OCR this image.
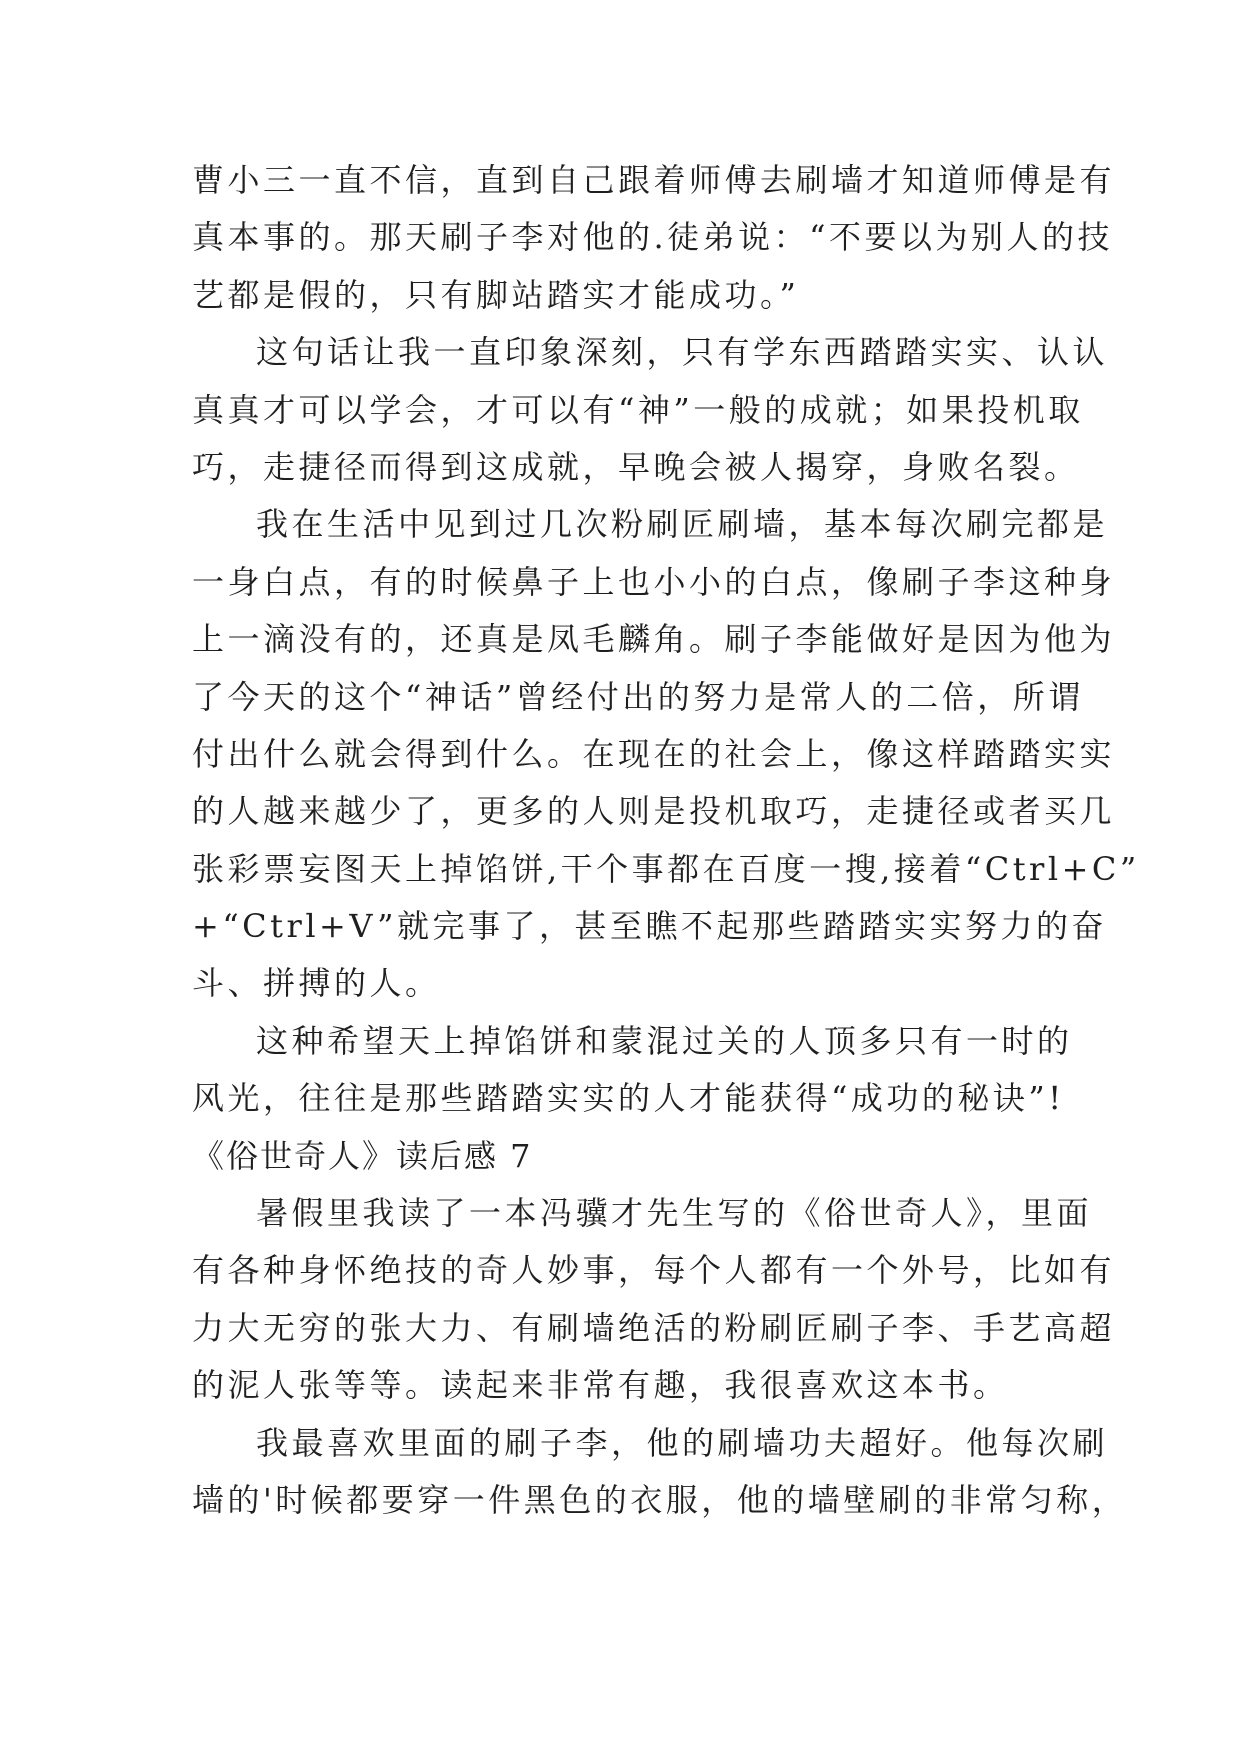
曹小三一直不信，直到自己跟着师傅去刷墙才知道师傅是有
真本事的。那天刷子李对他的.徒弟说：“不要以为别人的技
艺都是假的，只有脚站踏实才能成功。”
这句话让我一直印象深刻，只有学东西踏踏实实、认认
真真才可以学会，才可以有“神”一般的成就；如果投机取
巧，走捷径而得到这成就，早晚会被人揭穿，身败名裂。
我在生活中见到过几次粉刷匠刷墙，基本每次刷完都是
一身白点，有的时候鼻子上也小小的白点，像刷子李这种身
上一滴没有的，还真是凤毛麟角。刷子李能做好是因为他为
了今天的这个“神话”曾经付出的努力是常人的二倍，所谓
付出什么就会得到什么。在现在的社会上，像这样踏踏实实
的人越来越少了，更多的人则是投机取巧，走捷径或者买几
张彩票妄图天上掉馅饼,干个事都在百度一搜,接着“Ctrl+C”
+“Ctrl+V”就完事了，甚至瞧不起那些踏踏实实努力的奋
斗、拼搏的人。
这种希望天上掉馅饼和蒙混过关的人顶多只有一时的
风光，往往是那些踏踏实实的人才能获得“成功的秘诀”!
《俗世奇人》读后感 7
暑假里我读了一本冯骥才先生写的《俗世奇人》，里面
有各种身怀绝技的奇人妙事，每个人都有一个外号，比如有
力大无穷的张大力、有刷墙绝活的粉刷匠刷子李、手艺高超
的泥人张等等。读起来非常有趣，我很喜欢这本书。
我最喜欢里面的刷子李，他的刷墙功夫超好。他每次刷
墙的'时候都要穿一件黑色的衣服，他的墙壁刷的非常匀称，
